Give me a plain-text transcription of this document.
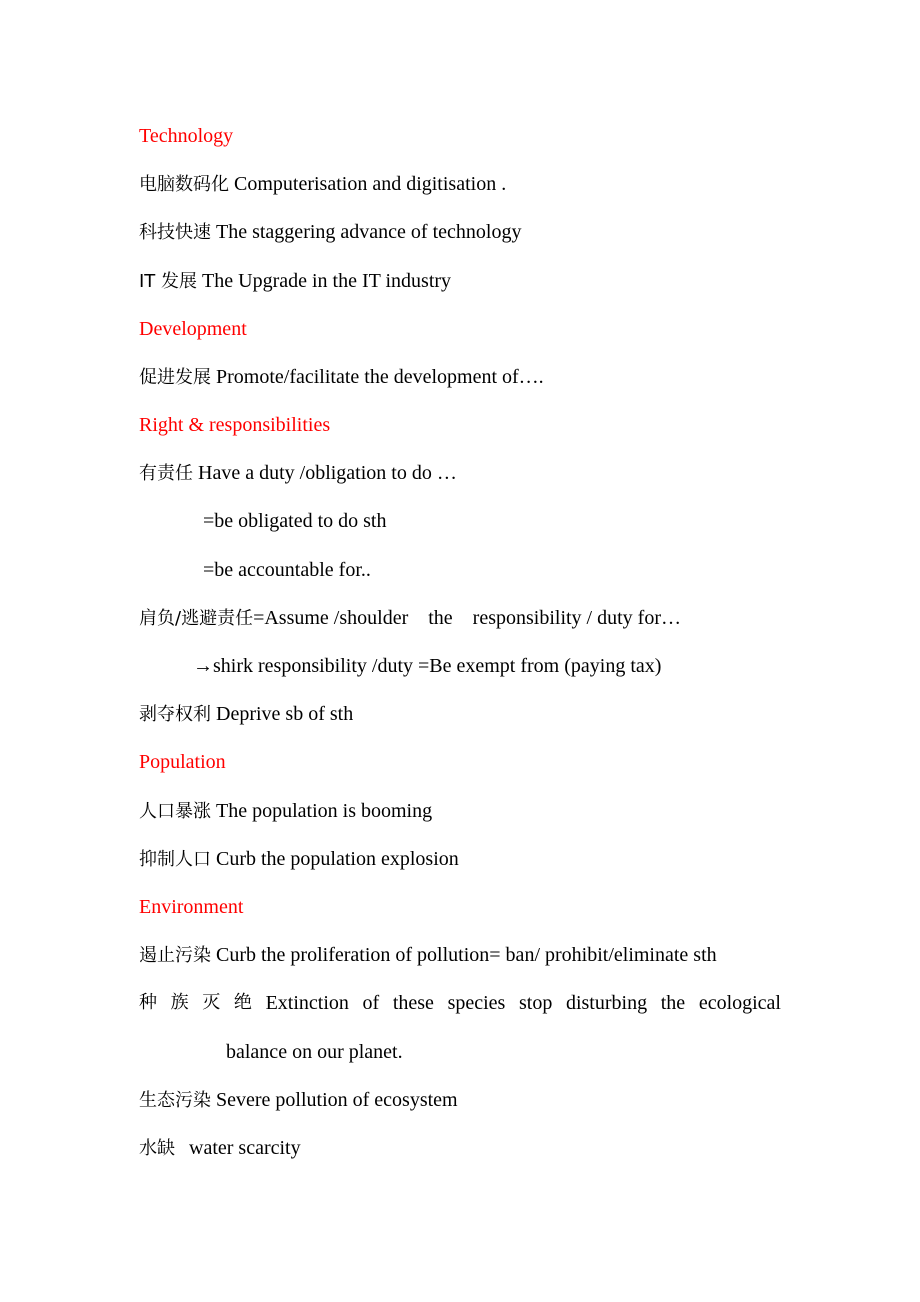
Technology
电脑数码化 Computerisation and digitisation .
科技快速 The staggering advance of technology
IT 发展 The Upgrade in the IT industry
Development
促进发展 Promote/facilitate the development of….
Right & responsibilities
有责任 Have a duty /obligation to do …
=be obligated to do sth
=be accountable for..
肩负/逃避责任=Assume /shoulder the responsibility / duty for…
→shirk responsibility /duty =Be exempt from (paying tax)
剥夺权利 Deprive sb of sth
Population
人口暴涨 The population is booming
抑制人口 Curb the population explosion
Environment
遏止污染 Curb the proliferation of pollution= ban/ prohibit/eliminate sth
种 族 灭 绝 Extinction of these species stop disturbing the ecological
balance on our planet.
生态污染 Severe pollution of ecosystem
水缺 water scarcity
